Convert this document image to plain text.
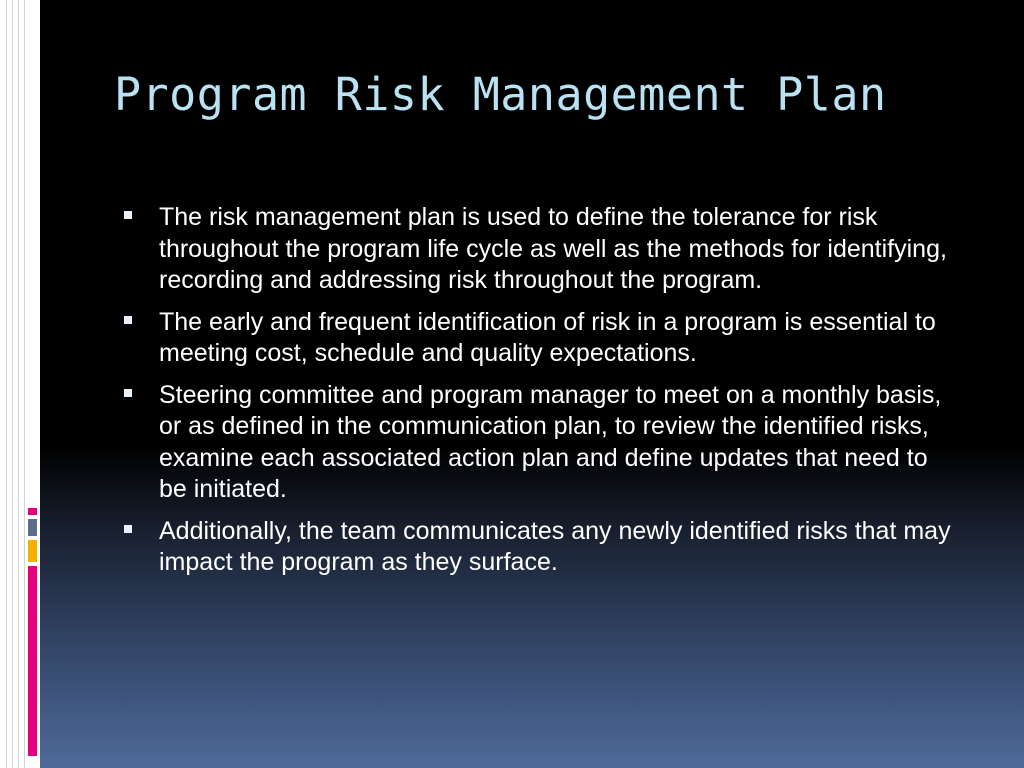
Program Risk Management Plan
The risk management plan is used to define the tolerance for risk throughout the program life cycle as well as the methods for identifying, recording and addressing risk throughout the program.
The early and frequent identification of risk in a program is essential to meeting cost, schedule and quality expectations.
Steering committee and program manager to meet on a monthly basis, or as defined in the communication plan, to review the identified risks, examine each associated action plan and define updates that need to be initiated.
Additionally, the team communicates any newly identified risks that may impact the program as they surface.
